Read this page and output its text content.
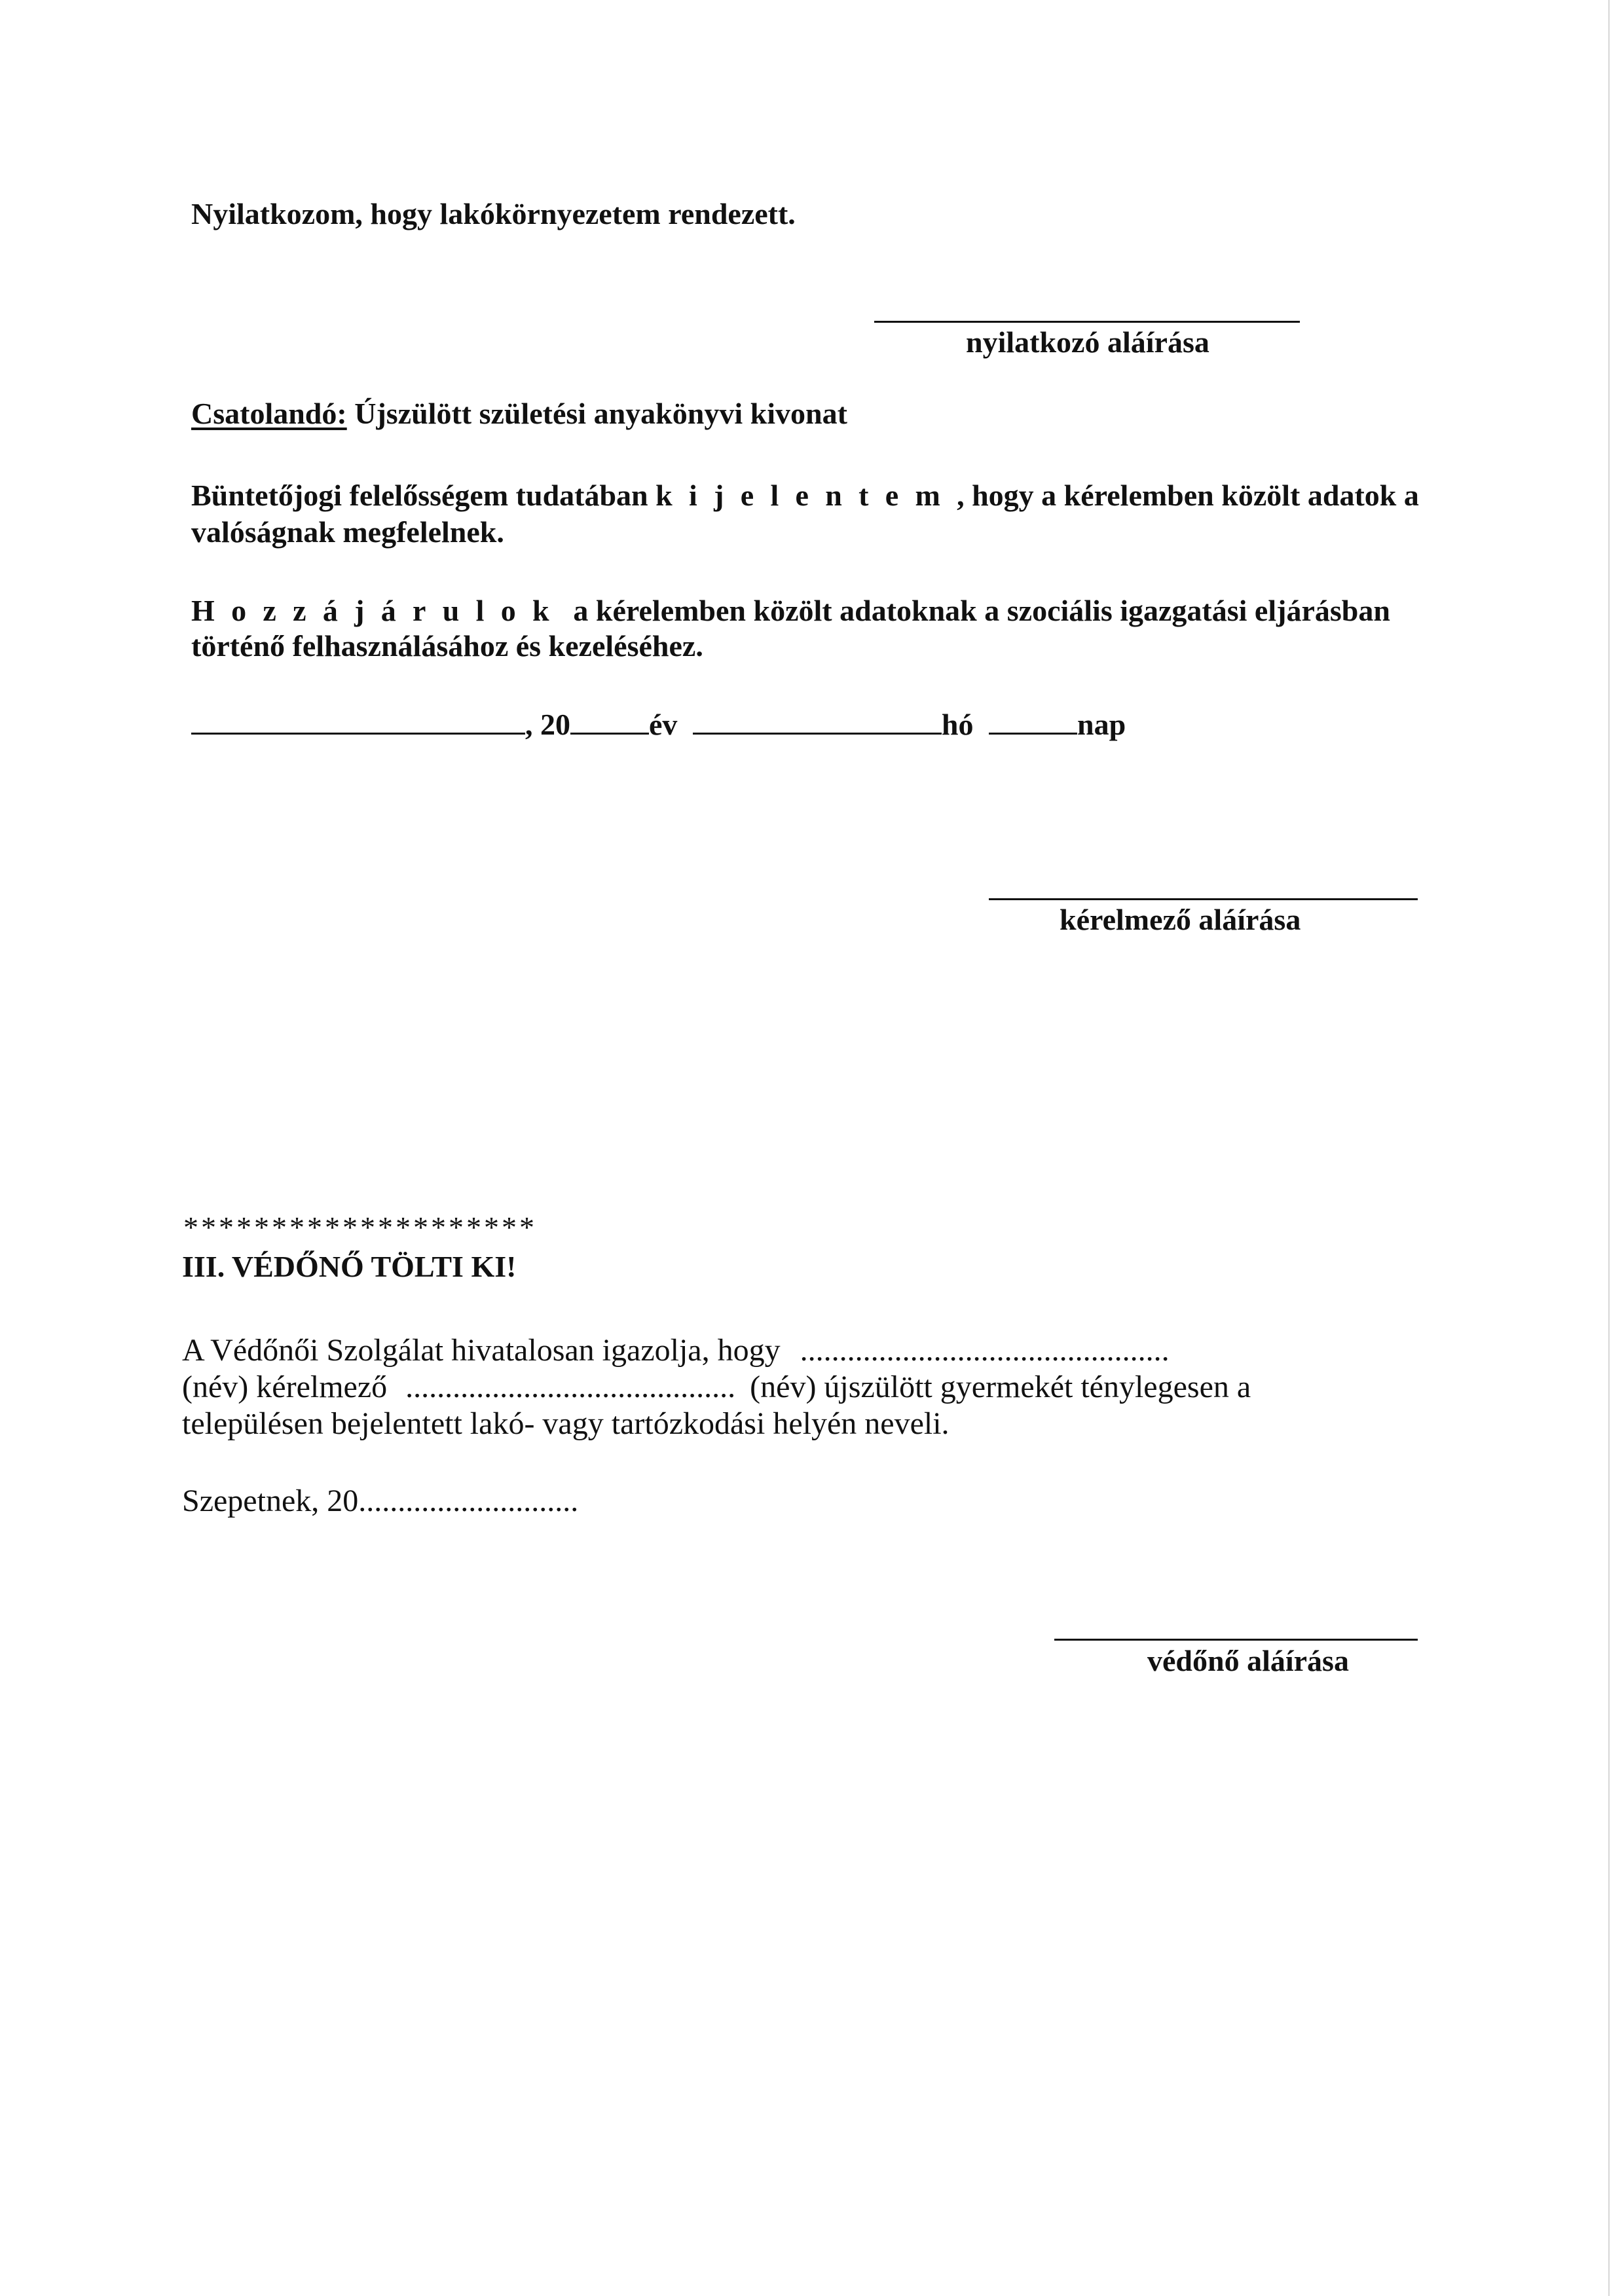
Nyilatkozom, hogy lakókörnyezetem rendezett.
nyilatkozó aláírása
Csatolandó: Újszülött születési anyakönyvi kivonat
Büntetőjogi felelősségem tudatában kijelentem, hogy a kérelemben közölt adatok a
valóságnak megfelelnek.
Hozzájárulok a kérelemben közölt adatoknak a szociális igazgatási eljárásban
történő felhasználásához és kezeléséhez.
, 20	év	hó	nap
kérelmező aláírása
********************
III. VÉDŐNŐ TÖLTI KI!
A Védőnői Szolgálat hivatalosan igazolja, hogy ...............................................
(név) kérelmező .......................................... (név) újszülött gyermekét ténylegesen a
településen bejelentett lakó- vagy tartózkodási helyén neveli.
Szepetnek, 20............................
védőnő aláírása
